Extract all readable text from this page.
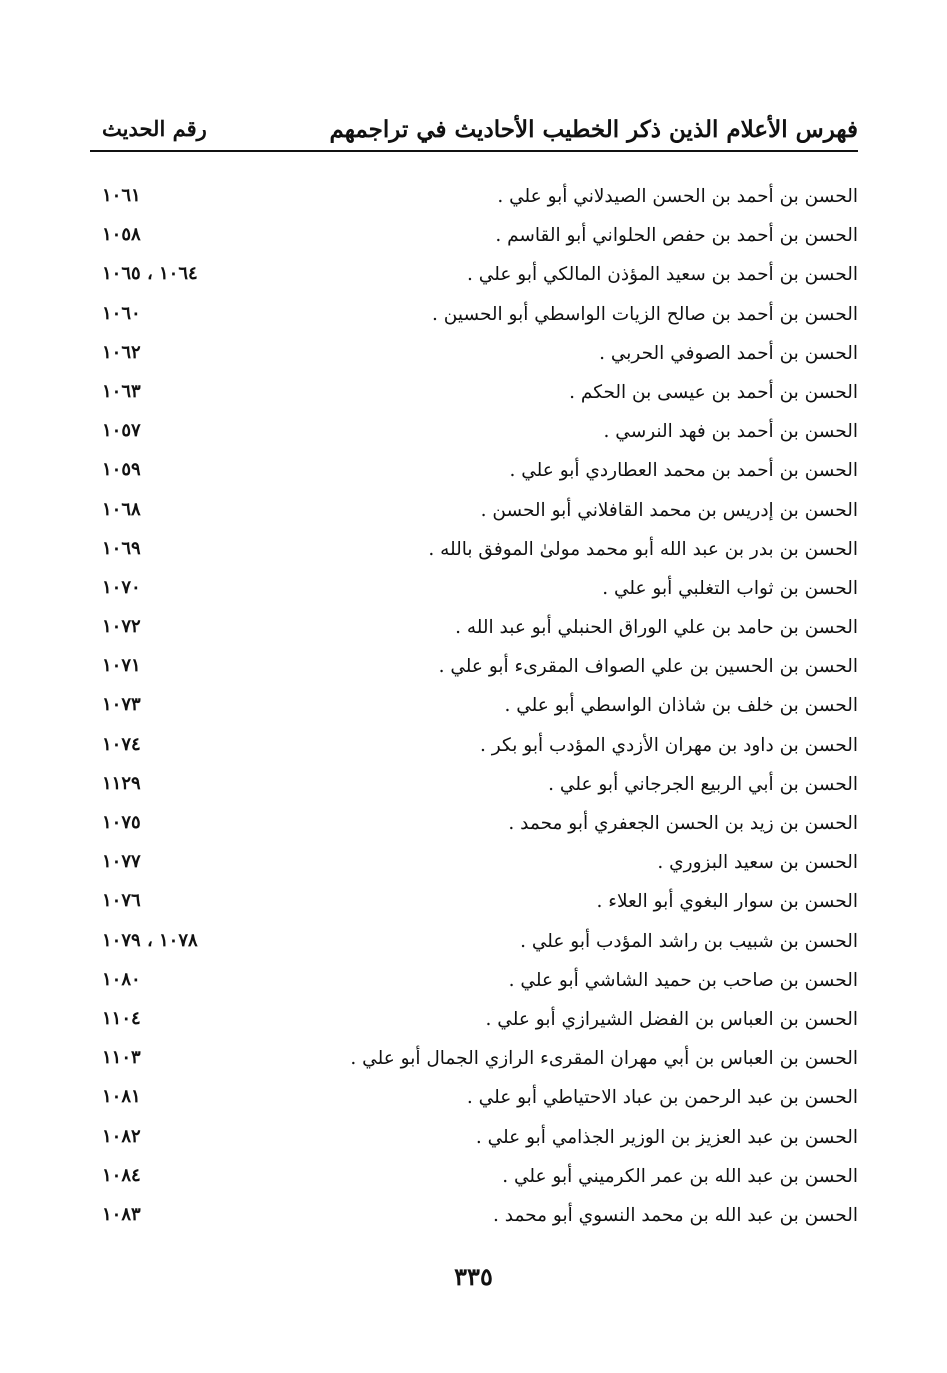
فهرس الأعلام الذين ذكر الخطيب الأحاديث في تراجمهم
رقم الحديث
الحسن بن أحمد بن الحسن الصيدلاني أبو علي .
١٠٦١
الحسن بن أحمد بن حفص الحلواني أبو القاسم .
١٠٥٨
الحسن بن أحمد بن سعيد المؤذن المالكي أبو علي .
١٠٦٤ ، ١٠٦٥
الحسن بن أحمد بن صالح الزيات الواسطي أبو الحسين .
١٠٦٠
الحسن بن أحمد الصوفي الحربي .
١٠٦٢
الحسن بن أحمد بن عيسى بن الحكم .
١٠٦٣
الحسن بن أحمد بن فهد النرسي .
١٠٥٧
الحسن بن أحمد بن محمد العطاردي أبو علي .
١٠٥٩
الحسن بن إدريس بن محمد القافلاني أبو الحسن .
١٠٦٨
الحسن بن بدر بن عبد الله أبو محمد مولىٰ الموفق بالله .
١٠٦٩
الحسن بن ثواب التغلبي أبو علي .
١٠٧٠
الحسن بن حامد بن علي الوراق الحنبلي أبو عبد الله .
١٠٧٢
الحسن بن الحسين بن علي الصواف المقرىء أبو علي .
١٠٧١
الحسن بن خلف بن شاذان الواسطي أبو علي .
١٠٧٣
الحسن بن داود بن مهران الأزدي المؤدب أبو بكر .
١٠٧٤
الحسن بن أبي الربيع الجرجاني أبو علي .
١١٢٩
الحسن بن زيد بن الحسن الجعفري أبو محمد .
١٠٧٥
الحسن بن سعيد البزوري .
١٠٧٧
الحسن بن سوار البغوي أبو العلاء .
١٠٧٦
الحسن بن شبيب بن راشد المؤدب أبو علي .
١٠٧٨ ، ١٠٧٩
الحسن بن صاحب بن حميد الشاشي أبو علي .
١٠٨٠
الحسن بن العباس بن الفضل الشيرازي أبو علي .
١١٠٤
الحسن بن العباس بن أبي مهران المقرىء الرازي الجمال أبو علي .
١١٠٣
الحسن بن عبد الرحمن بن عباد الاحتياطي أبو علي .
١٠٨١
الحسن بن عبد العزيز بن الوزير الجذامي أبو علي .
١٠٨٢
الحسن بن عبد الله بن عمر الكرميني أبو علي .
١٠٨٤
الحسن بن عبد الله بن محمد النسوي أبو محمد .
١٠٨٣
٣٣٥
